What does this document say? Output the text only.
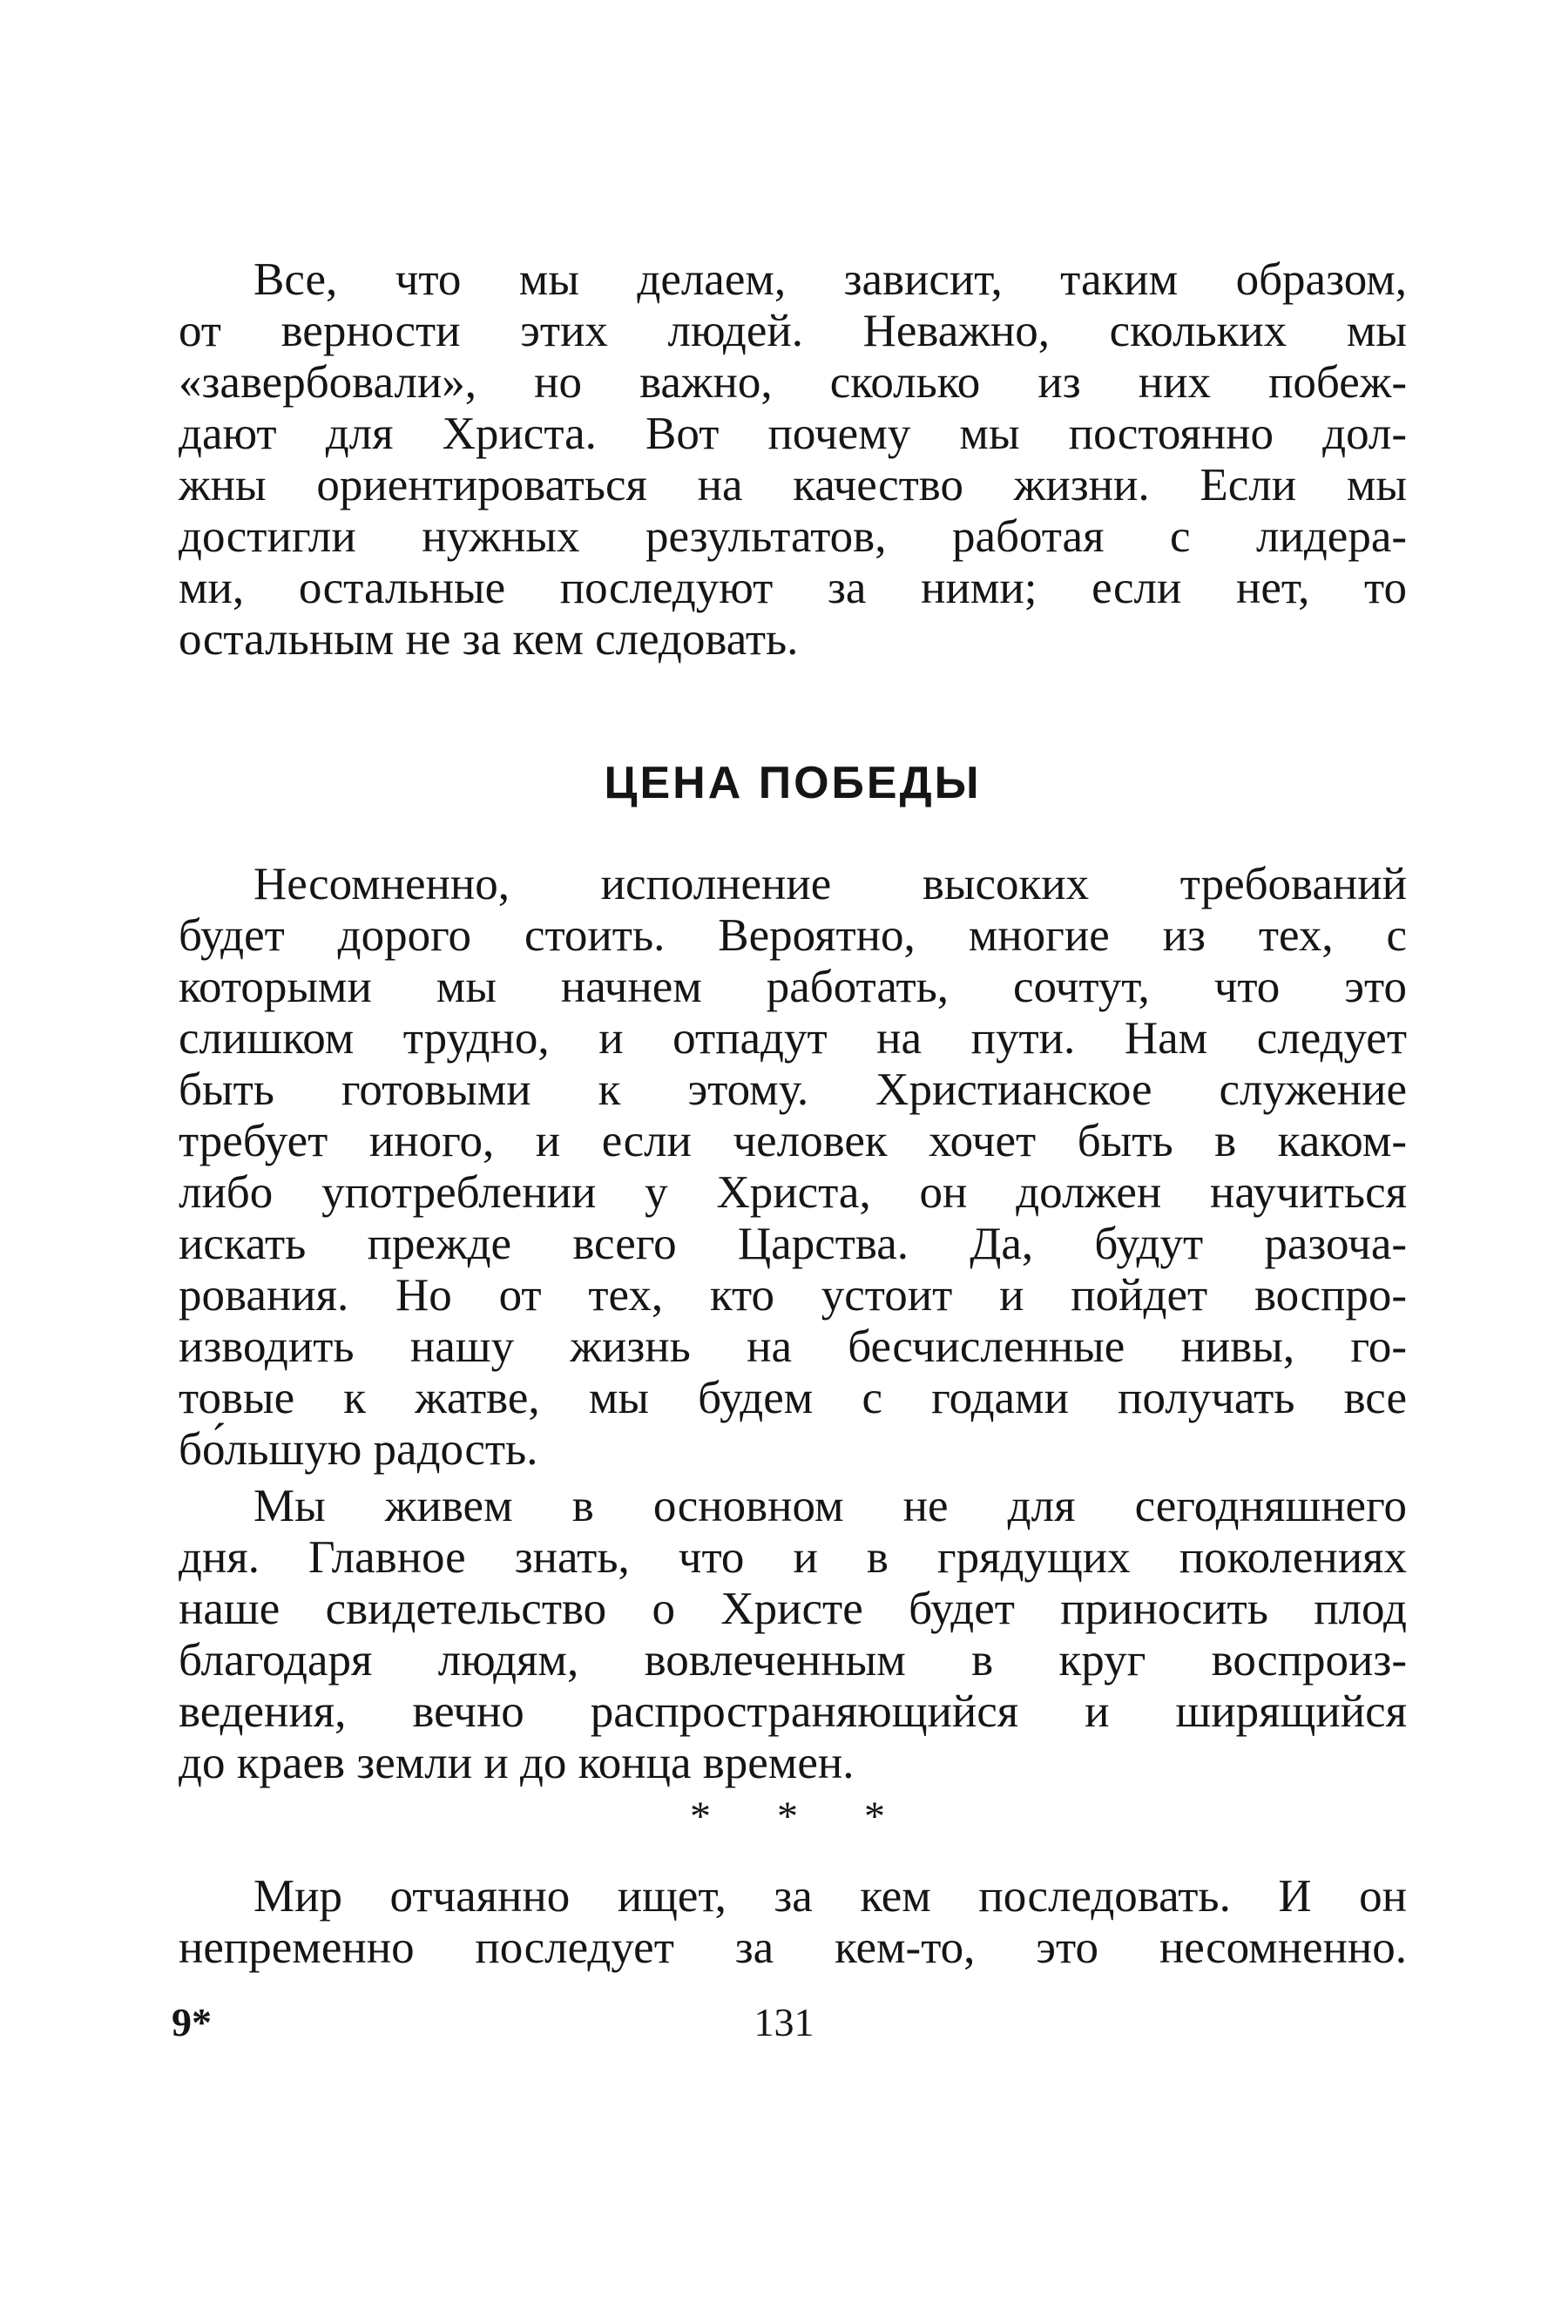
Все, что мы делаем, зависит, таким образом,
от верности этих людей. Неважно, скольких мы
«завербовали», но важно, сколько из них побеж-
дают для Христа. Вот почему мы постоянно дол-
жны ориентироваться на качество жизни. Если мы
достигли нужных результатов, работая с лидера-
ми, остальные последуют за ними; если нет, то
остальным не за кем следовать.
ЦЕНА ПОБЕДЫ
Несомненно, исполнение высоких требований
будет дорого стоить. Вероятно, многие из тех, с
которыми мы начнем работать, сочтут, что это
слишком трудно, и отпадут на пути. Нам следует
быть готовыми к этому. Христианское служение
требует иного, и если человек хочет быть в каком-
либо употреблении у Христа, он должен научиться
искать прежде всего Царства. Да, будут разоча-
рования. Но от тех, кто устоит и пойдет воспро-
изводить нашу жизнь на бесчисленные нивы, го-
товые к жатве, мы будем с годами получать все
бо́льшую радость.
Мы живем в основном не для сегодняшнего
дня. Главное знать, что и в грядущих поколениях
наше свидетельство о Христе будет приносить плод
благодаря людям, вовлеченным в круг воспроиз-
ведения, вечно распространяющийся и ширящийся
до краев земли и до конца времен.
* * *
Мир отчаянно ищет, за кем последовать. И он
непременно последует за кем-то, это несомненно.
9*	131
